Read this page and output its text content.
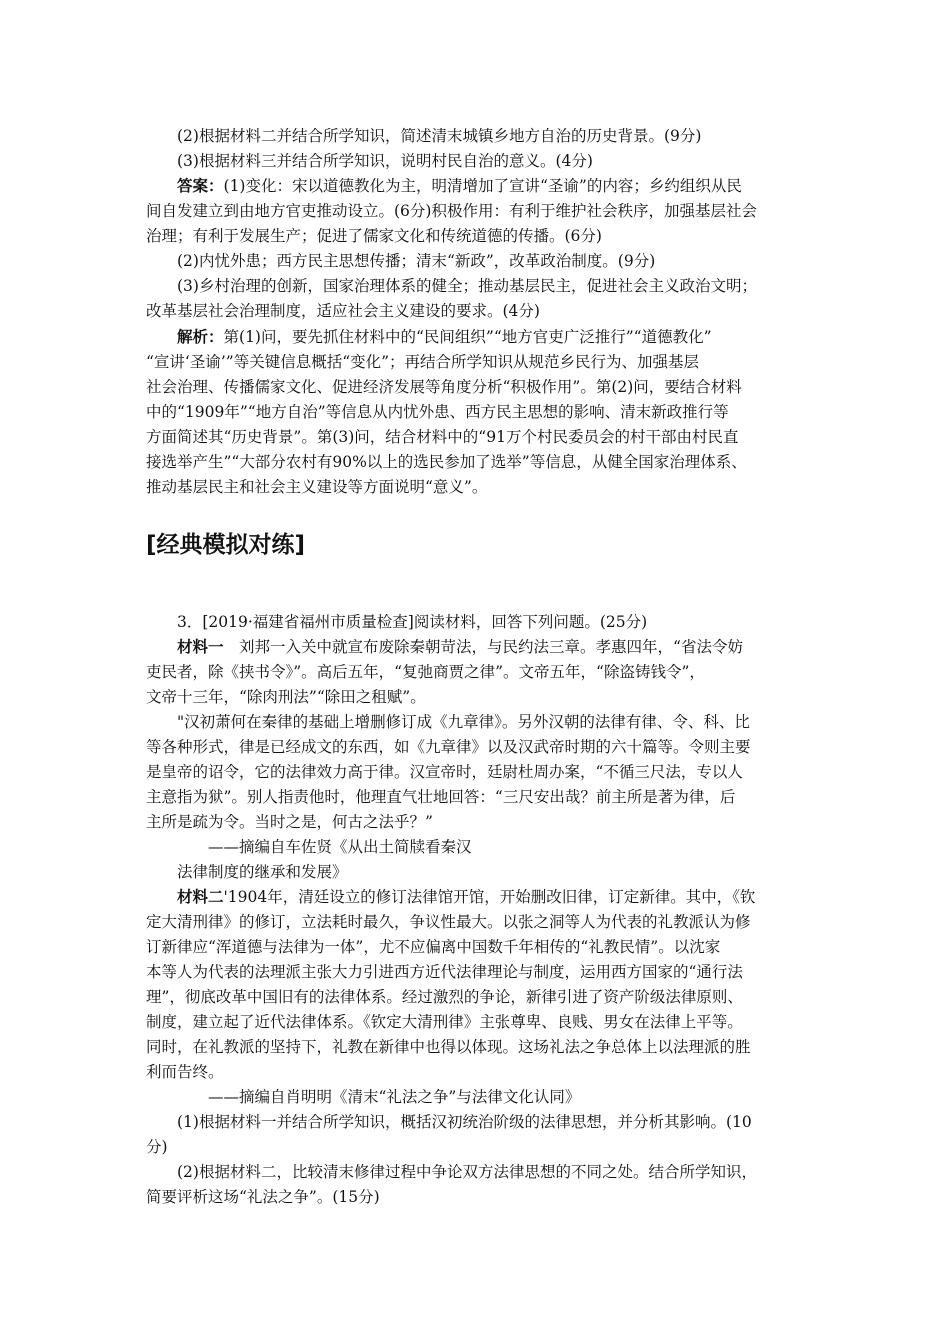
(2)根据材料二并结合所学知识，简述清末城镇乡地方自治的历史背景。(9分)
(3)根据材料三并结合所学知识，说明村民自治的意义。(4分)
答案：(1)变化：宋以道德教化为主，明清增加了宣讲“圣谕”的内容；乡约组织从民
间自发建立到由地方官吏推动设立。(6分)积极作用：有利于维护社会秩序，加强基层社会
治理；有利于发展生产；促进了儒家文化和传统道德的传播。(6分)
(2)内忧外患；西方民主思想传播；清末“新政”，改革政治制度。(9分)
(3)乡村治理的创新，国家治理体系的健全；推动基层民主，促进社会主义政治文明；
改革基层社会治理制度，适应社会主义建设的要求。(4分)
解析：第(1)问，要先抓住材料中的“民间组织”“地方官吏广泛推行”“道德教化”
“宣讲‘圣谕’”等关键信息概括“变化”；再结合所学知识从规范乡民行为、加强基层
社会治理、传播儒家文化、促进经济发展等角度分析“积极作用”。第(2)问，要结合材料
中的“1909年”“地方自治”等信息从内忧外患、西方民主思想的影响、清末新政推行等
方面简述其“历史背景”。第(3)问，结合材料中的“91万个村民委员会的村干部由村民直
接选举产生”“大部分农村有90%以上的选民参加了选举”等信息，从健全国家治理体系、
推动基层民主和社会主义建设等方面说明“意义”。
[经典模拟对练]
3．[2019·福建省福州市质量检查]阅读材料，回答下列问题。(25分)
材料一　刘邦一入关中就宣布废除秦朝苛法，与民约法三章。孝惠四年，“省法令妨
吏民者，除《挟书令》”。高后五年，“复弛商贾之律”。文帝五年，“除盗铸钱令”，
文帝十三年，“除肉刑法”“除田之租赋”。
"汉初萧何在秦律的基础上增删修订成《九章律》。另外汉朝的法律有律、令、科、比
等各种形式，律是已经成文的东西，如《九章律》以及汉武帝时期的六十篇等。令则主要
是皇帝的诏令，它的法律效力高于律。汉宣帝时，廷尉杜周办案，“不循三尺法，专以人
主意指为狱”。别人指责他时，他理直气壮地回答：“三尺安出哉？前主所是著为律，后
主所是疏为令。当时之是，何古之法乎？”
——摘编自车佐贤《从出土简牍看秦汉
法律制度的继承和发展》
材料二'1904年，清廷设立的修订法律馆开馆，开始删改旧律，订定新律。其中，《钦
定大清刑律》的修订，立法耗时最久，争议性最大。以张之洞等人为代表的礼教派认为修
订新律应“浑道德与法律为一体”，尤不应偏离中国数千年相传的“礼教民情”。以沈家
本等人为代表的法理派主张大力引进西方近代法律理论与制度，运用西方国家的“通行法
理”，彻底改革中国旧有的法律体系。经过激烈的争论，新律引进了资产阶级法律原则、
制度，建立起了近代法律体系。《钦定大清刑律》主张尊卑、良贱、男女在法律上平等。
同时，在礼教派的坚持下，礼教在新律中也得以体现。这场礼法之争总体上以法理派的胜
利而告终。
——摘编自肖明明《清末“礼法之争”与法律文化认同》
(1)根据材料一并结合所学知识，概括汉初统治阶级的法律思想，并分析其影响。(10
分)
(2)根据材料二，比较清末修律过程中争论双方法律思想的不同之处。结合所学知识，
简要评析这场“礼法之争”。(15分)
